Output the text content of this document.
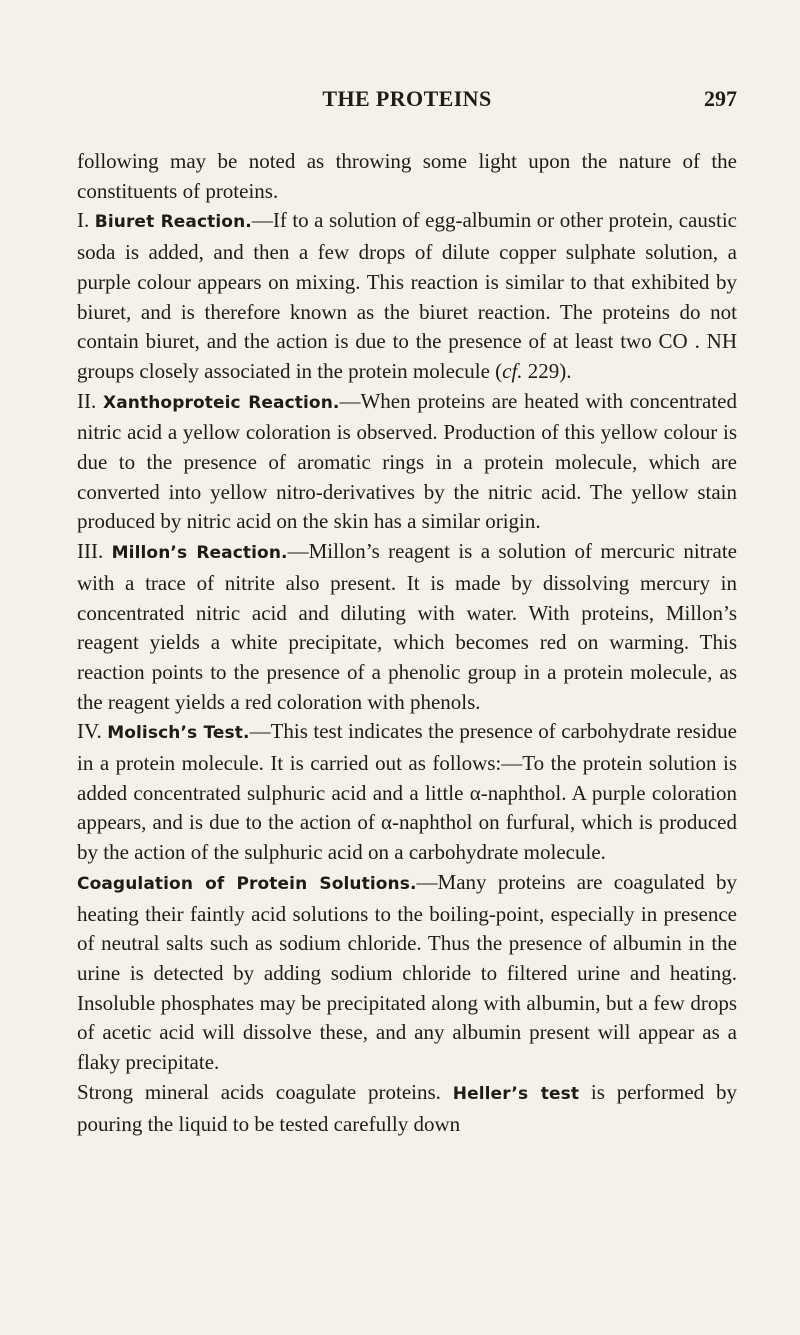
THE PROTEINS	297

following may be noted as throwing some light upon the nature of the constituents of proteins.

I. Biuret Reaction.—If to a solution of egg-albumin or other protein, caustic soda is added, and then a few drops of dilute copper sulphate solution, a purple colour appears on mixing. This reaction is similar to that exhibited by biuret, and is therefore known as the biuret reaction. The proteins do not contain biuret, and the action is due to the presence of at least two CO . NH groups closely associated in the protein molecule (cf. 229).

II. Xanthoproteic Reaction.—When proteins are heated with concentrated nitric acid a yellow coloration is observed. Production of this yellow colour is due to the presence of aromatic rings in a protein molecule, which are converted into yellow nitro-derivatives by the nitric acid. The yellow stain produced by nitric acid on the skin has a similar origin.

III. Millon’s Reaction.—Millon’s reagent is a solution of mercuric nitrate with a trace of nitrite also present. It is made by dissolving mercury in concentrated nitric acid and diluting with water. With proteins, Millon’s reagent yields a white precipitate, which becomes red on warming. This reaction points to the presence of a phenolic group in a protein molecule, as the reagent yields a red coloration with phenols.

IV. Molisch’s Test.—This test indicates the presence of carbohydrate residue in a protein molecule. It is carried out as follows:—To the protein solution is added concentrated sulphuric acid and a little α-naphthol. A purple coloration appears, and is due to the action of α-naphthol on furfural, which is produced by the action of the sulphuric acid on a carbohydrate molecule.

Coagulation of Protein Solutions.—Many proteins are coagulated by heating their faintly acid solutions to the boiling-point, especially in presence of neutral salts such as sodium chloride. Thus the presence of albumin in the urine is detected by adding sodium chloride to filtered urine and heating. Insoluble phosphates may be precipitated along with albumin, but a few drops of acetic acid will dissolve these, and any albumin present will appear as a flaky precipitate.

Strong mineral acids coagulate proteins. Heller’s test is performed by pouring the liquid to be tested carefully down
